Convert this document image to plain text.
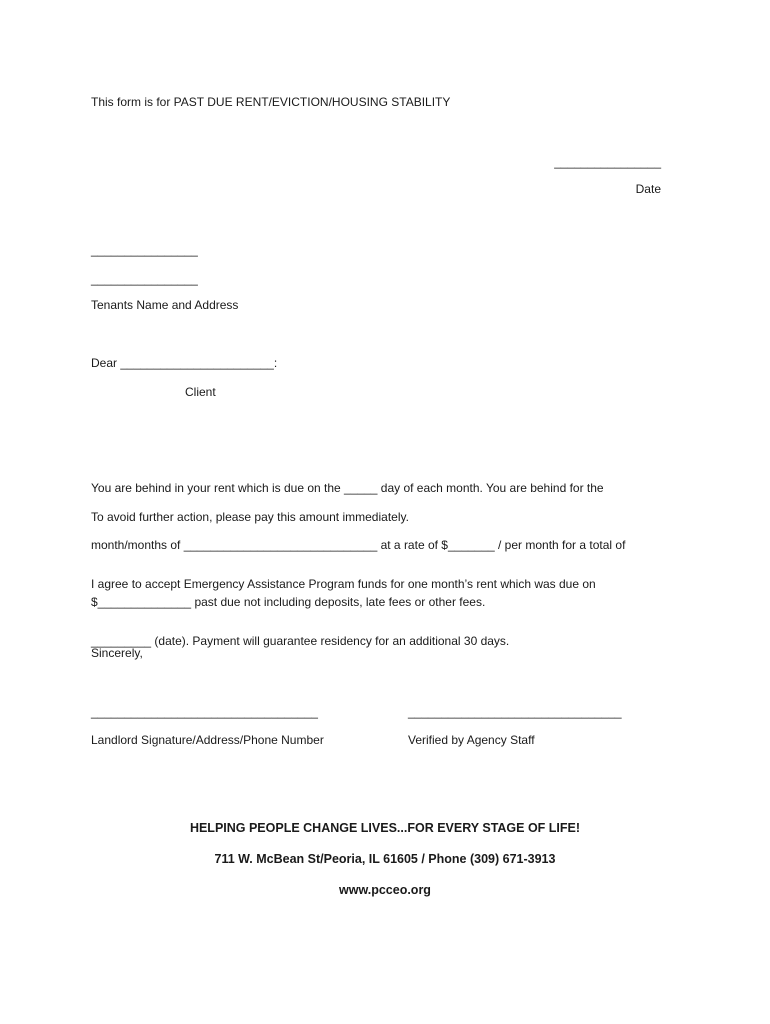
This form is for PAST DUE RENT/EVICTION/HOUSING STABILITY
________________
Date
________________
________________
Tenants Name and Address
Dear _______________________:
Client

You are behind in your rent which is due on the _____ day of each month. You are behind for the

month/months of _____________________________ at a rate of $_______ / per month for a total of

$______________ past due not including deposits, late fees or other fees.

To avoid further action, please pay this amount immediately.

I agree to accept Emergency Assistance Program funds for one month’s rent which was due on

_________ (date). Payment will guarantee residency for an additional 30 days.

Sincerely,
__________________________________	________________________________
Landlord Signature/Address/Phone Number	Verified by Agency Staff
HELPING PEOPLE CHANGE LIVES...FOR EVERY STAGE OF LIFE!
711 W. McBean St/Peoria, IL 61605 / Phone (309) 671-3913
www.pcceo.org
